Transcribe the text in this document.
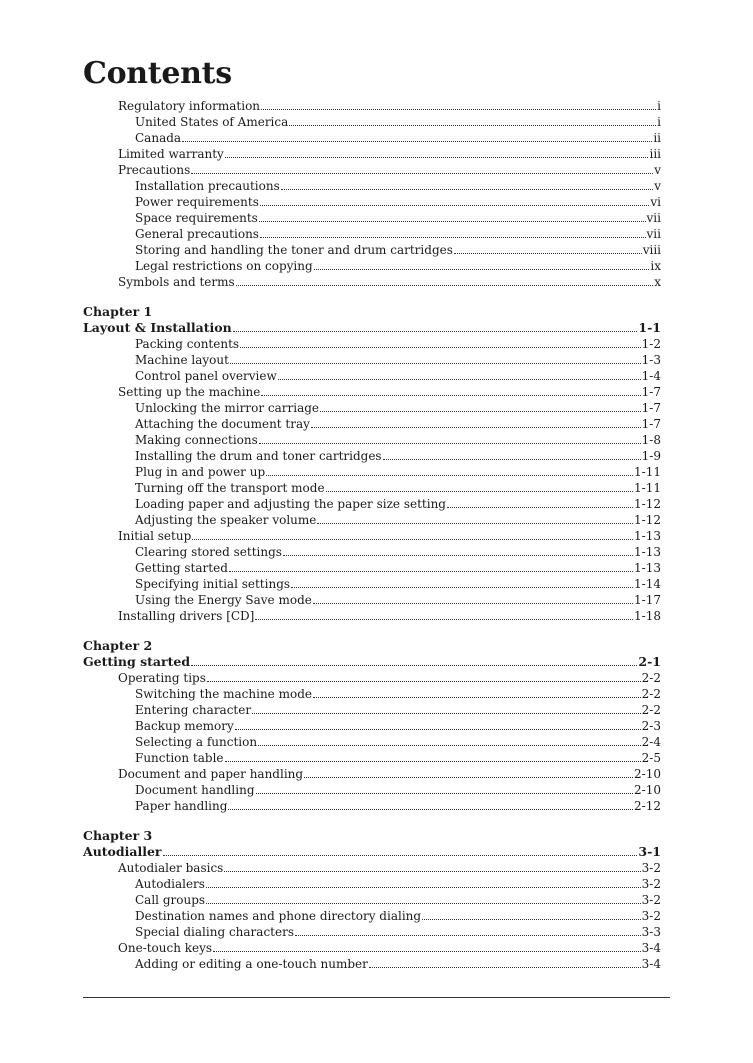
Contents
Regulatory information	i
United States of America	i
Canada	ii
Limited warranty	iii
Precautions	v
Installation precautions	v
Power requirements	vi
Space requirements	vii
General precautions	vii
Storing and handling the toner and drum cartridges	viii
Legal restrictions on copying	ix
Symbols and terms	x
Chapter 1
Layout & Installation	1-1
Packing contents	1-2
Machine layout	1-3
Control panel overview	1-4
Setting up the machine	1-7
Unlocking the mirror carriage	1-7
Attaching the document tray	1-7
Making connections	1-8
Installing the drum and toner cartridges	1-9
Plug in and power up	1-11
Turning off the transport mode	1-11
Loading paper and adjusting the paper size setting	1-12
Adjusting the speaker volume	1-12
Initial setup	1-13
Clearing stored settings	1-13
Getting started	1-13
Specifying initial settings	1-14
Using the Energy Save mode	1-17
Installing drivers [CD]	1-18
Chapter 2
Getting started	2-1
Operating tips	2-2
Switching the machine mode	2-2
Entering character	2-2
Backup memory	2-3
Selecting a function	2-4
Function table	2-5
Document and paper handling	2-10
Document handling	2-10
Paper handling	2-12
Chapter 3
Autodialler	3-1
Autodialer basics	3-2
Autodialers	3-2
Call groups	3-2
Destination names and phone directory dialing	3-2
Special dialing characters	3-3
One-touch keys	3-4
Adding or editing a one-touch number	3-4
